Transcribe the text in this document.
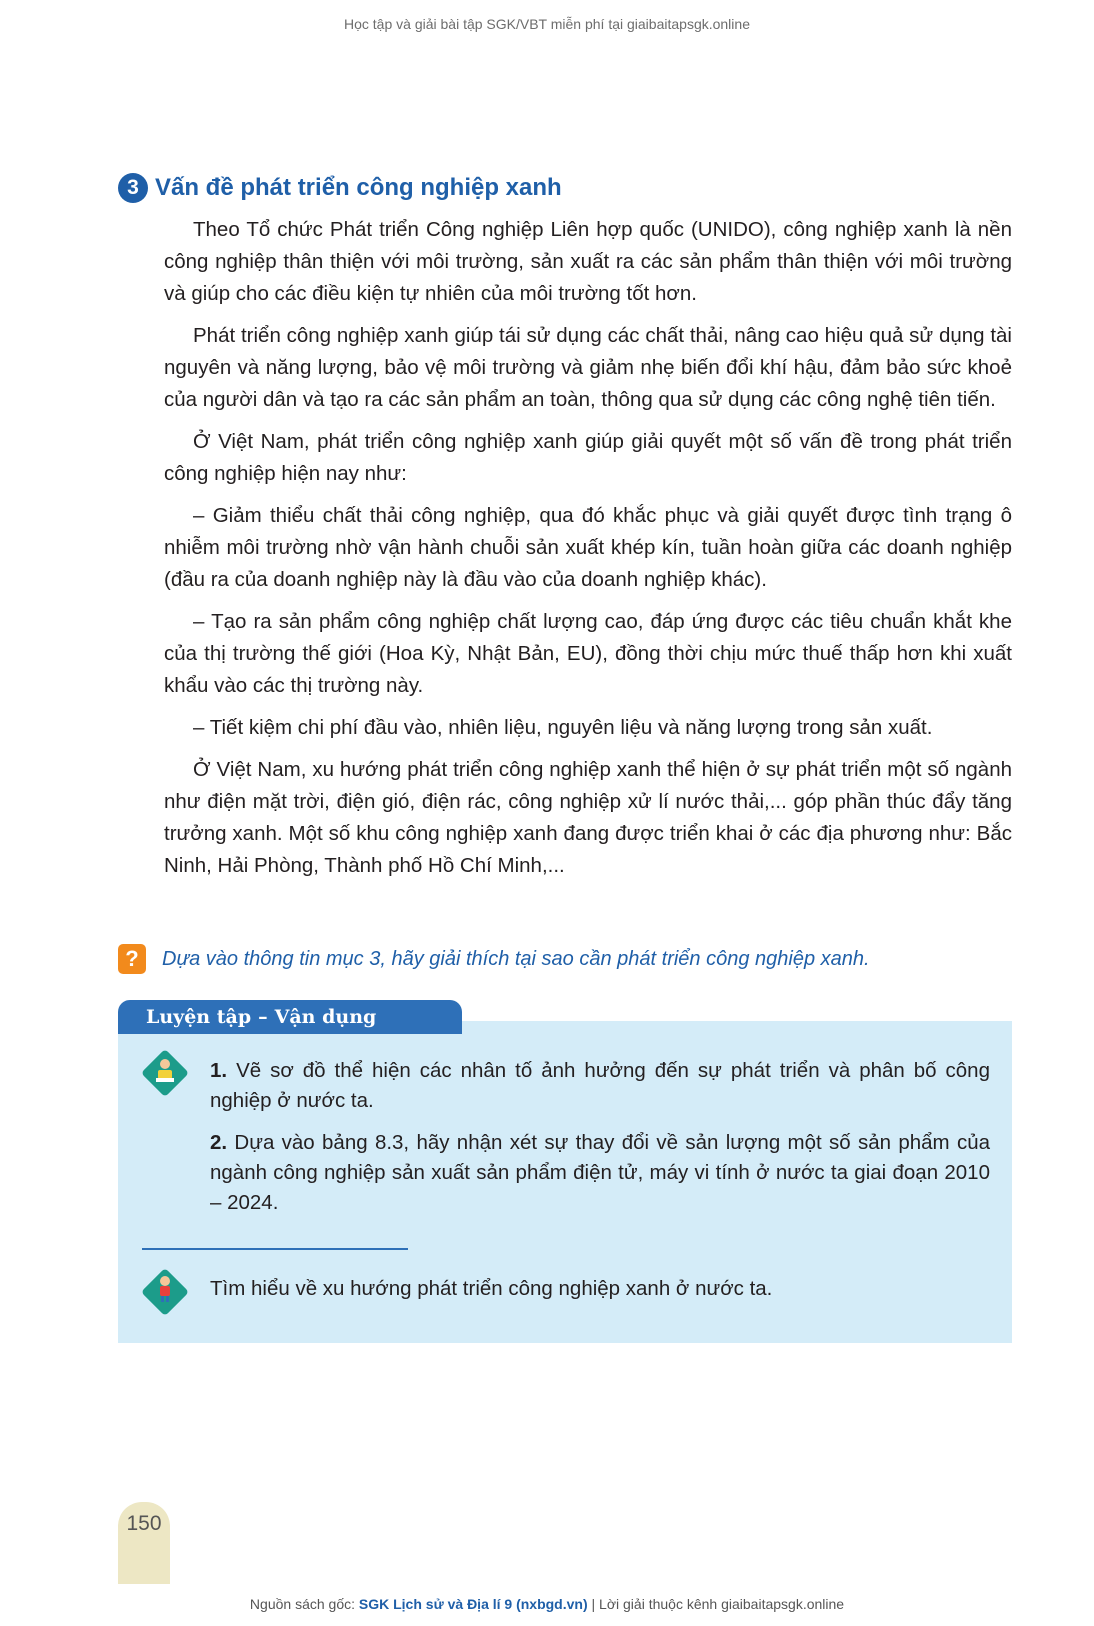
Học tập và giải bài tập SGK/VBT miễn phí tại giaibaitapsgk.online
3 Vấn đề phát triển công nghiệp xanh

Theo Tổ chức Phát triển Công nghiệp Liên hợp quốc (UNIDO), công nghiệp xanh là nền công nghiệp thân thiện với môi trường, sản xuất ra các sản phẩm thân thiện với môi trường và giúp cho các điều kiện tự nhiên của môi trường tốt hơn.

Phát triển công nghiệp xanh giúp tái sử dụng các chất thải, nâng cao hiệu quả sử dụng tài nguyên và năng lượng, bảo vệ môi trường và giảm nhẹ biến đổi khí hậu, đảm bảo sức khoẻ của người dân và tạo ra các sản phẩm an toàn, thông qua sử dụng các công nghệ tiên tiến.

Ở Việt Nam, phát triển công nghiệp xanh giúp giải quyết một số vấn đề trong phát triển công nghiệp hiện nay như:

– Giảm thiểu chất thải công nghiệp, qua đó khắc phục và giải quyết được tình trạng ô nhiễm môi trường nhờ vận hành chuỗi sản xuất khép kín, tuần hoàn giữa các doanh nghiệp (đầu ra của doanh nghiệp này là đầu vào của doanh nghiệp khác).

– Tạo ra sản phẩm công nghiệp chất lượng cao, đáp ứng được các tiêu chuẩn khắt khe của thị trường thế giới (Hoa Kỳ, Nhật Bản, EU), đồng thời chịu mức thuế thấp hơn khi xuất khẩu vào các thị trường này.

– Tiết kiệm chi phí đầu vào, nhiên liệu, nguyên liệu và năng lượng trong sản xuất.

Ở Việt Nam, xu hướng phát triển công nghiệp xanh thể hiện ở sự phát triển một số ngành như điện mặt trời, điện gió, điện rác, công nghiệp xử lí nước thải,... góp phần thúc đẩy tăng trưởng xanh. Một số khu công nghiệp xanh đang được triển khai ở các địa phương như: Bắc Ninh, Hải Phòng, Thành phố Hồ Chí Minh,...

?	Dựa vào thông tin mục 3, hãy giải thích tại sao cần phát triển công nghiệp xanh.
Luyện tập – Vận dụng
1. Vẽ sơ đồ thể hiện các nhân tố ảnh hưởng đến sự phát triển và phân bố công nghiệp ở nước ta.
2. Dựa vào bảng 8.3, hãy nhận xét sự thay đổi về sản lượng một số sản phẩm của ngành công nghiệp sản xuất sản phẩm điện tử, máy vi tính ở nước ta giai đoạn 2010 – 2024.
Tìm hiểu về xu hướng phát triển công nghiệp xanh ở nước ta.
150
Nguồn sách gốc: SGK Lịch sử và Địa lí 9 (nxbgd.vn) | Lời giải thuộc kênh giaibaitapsgk.online
